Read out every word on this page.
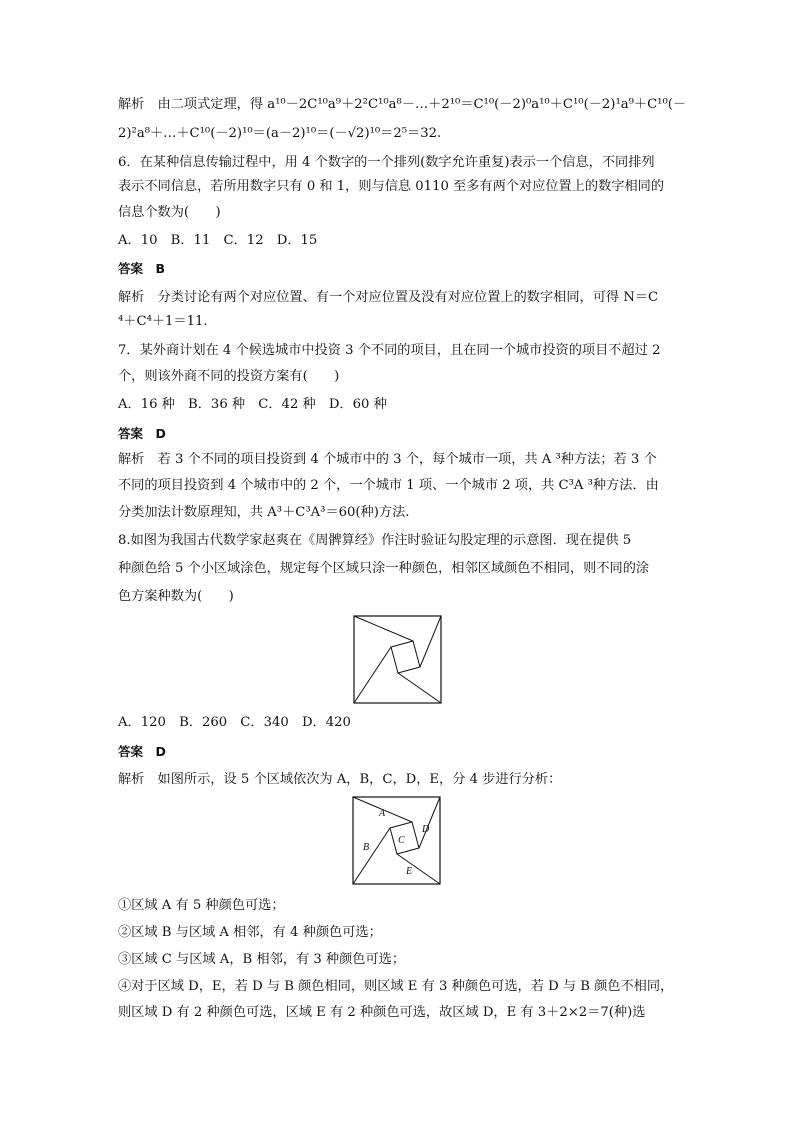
解析　由二项式定理，得 a¹⁰－2C¹⁰a⁹＋2²C¹⁰a⁸－…＋2¹⁰＝C¹⁰(－2)⁰a¹⁰＋C¹⁰(－2)¹a⁹＋C¹⁰(－
2)²a⁸＋…＋C¹⁰(－2)¹⁰＝(a－2)¹⁰＝(－√2)¹⁰＝2⁵＝32.
6．在某种信息传输过程中，用 4 个数字的一个排列(数字允许重复)表示一个信息，不同排列
表示不同信息，若所用数字只有 0 和 1，则与信息 0110 至多有两个对应位置上的数字相同的
信息个数为(　　)
A．10　B．11　C．12　D．15
答案　B
解析　分类讨论有两个对应位置、有一个对应位置及没有对应位置上的数字相同，可得 N＝C
⁴＋C⁴＋1＝11.
7．某外商计划在 4 个候选城市中投资 3 个不同的项目，且在同一个城市投资的项目不超过 2
个，则该外商不同的投资方案有(　　)
A．16 种　B．36 种　C．42 种　D．60 种
答案　D
解析　若 3 个不同的项目投资到 4 个城市中的 3 个，每个城市一项，共 A ³种方法；若 3 个
不同的项目投资到 4 个城市中的 2 个，一个城市 1 项、一个城市 2 项，共 C³A ³种方法．由
分类加法计数原理知，共 A³＋C³A³＝60(种)方法.
8.如图为我国古代数学家赵爽在《周髀算经》作注时验证勾股定理的示意图．现在提供 5
种颜色给 5 个小区域涂色，规定每个区域只涂一种颜色，相邻区域颜色不相同，则不同的涂
色方案种数为(　　)
A．120　B．260　C．340　D．420
答案　D
解析　如图所示，设 5 个区域依次为 A，B，C，D，E，分 4 步进行分析：
A
B
C
D
E
①区域 A 有 5 种颜色可选；
②区域 B 与区域 A 相邻，有 4 种颜色可选；
③区域 C 与区域 A，B 相邻，有 3 种颜色可选；
④对于区域 D，E，若 D 与 B 颜色相同，则区域 E 有 3 种颜色可选，若 D 与 B 颜色不相同，
则区域 D 有 2 种颜色可选，区域 E 有 2 种颜色可选，故区域 D，E 有 3＋2×2＝7(种)选
